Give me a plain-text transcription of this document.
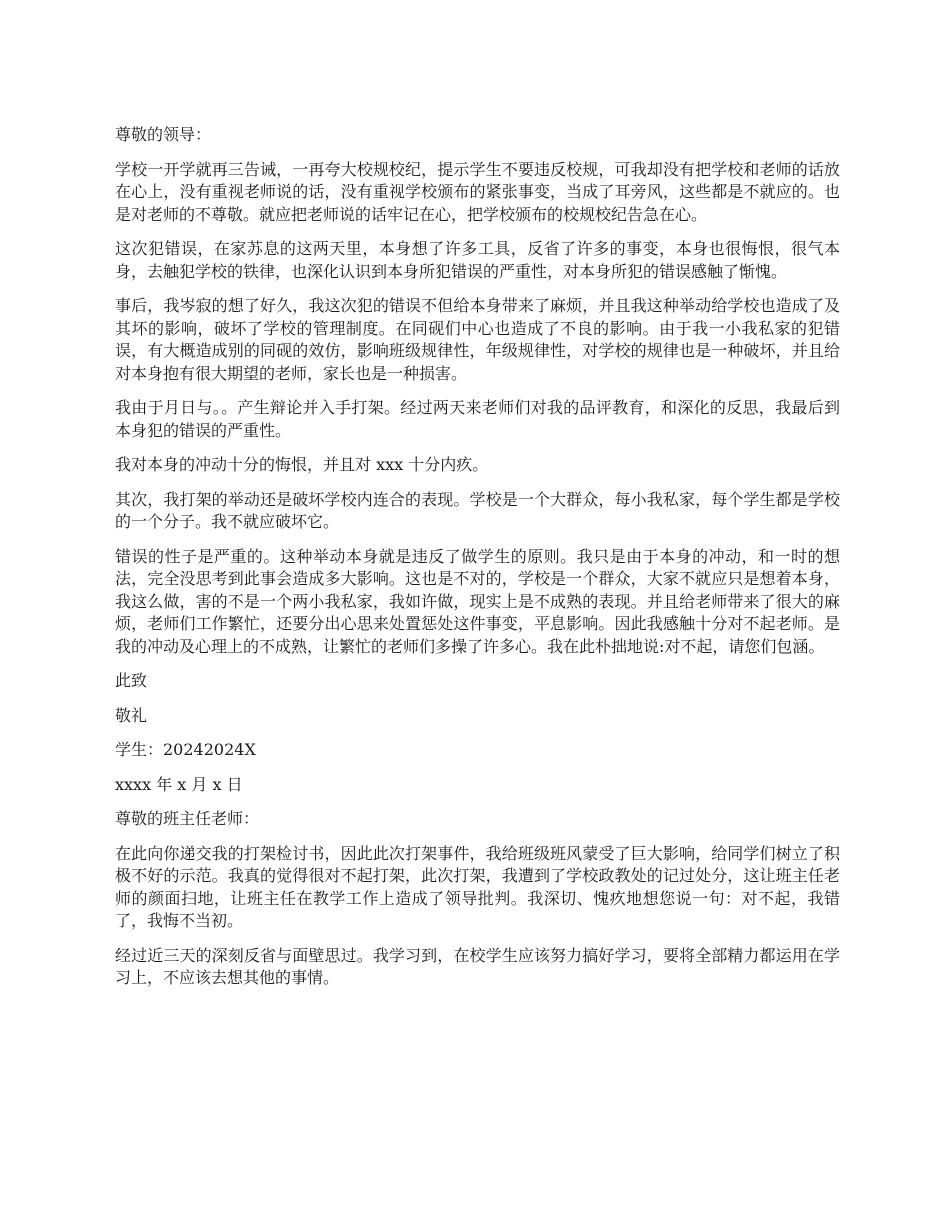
尊敬的领导：

学校一开学就再三告诫，一再夸大校规校纪，提示学生不要违反校规，可我却没有把学校和老师的话放在心上，没有重视老师说的话，没有重视学校颁布的紧张事变，当成了耳旁风，这些都是不就应的。也是对老师的不尊敬。就应把老师说的话牢记在心，把学校颁布的校规校纪告急在心。

这次犯错误，在家苏息的这两天里，本身想了许多工具，反省了许多的事变，本身也很悔恨，很气本身，去触犯学校的铁律，也深化认识到本身所犯错误的严重性，对本身所犯的错误感触了惭愧。

事后，我岑寂的想了好久，我这次犯的错误不但给本身带来了麻烦，并且我这种举动给学校也造成了及其坏的影响，破坏了学校的管理制度。在同砚们中心也造成了不良的影响。由于我一小我私家的犯错误，有大概造成别的同砚的效仿，影响班级规律性，年级规律性，对学校的规律也是一种破坏，并且给对本身抱有很大期望的老师，家长也是一种损害。

我由于月日与。。产生辩论并入手打架。经过两天来老师们对我的品评教育，和深化的反思，我最后到本身犯的错误的严重性。

我对本身的冲动十分的悔恨，并且对 xxx 十分内疚。

其次，我打架的举动还是破坏学校内连合的表现。学校是一个大群众，每小我私家，每个学生都是学校的一个分子。我不就应破坏它。

错误的性子是严重的。这种举动本身就是违反了做学生的原则。我只是由于本身的冲动，和一时的想法，完全没思考到此事会造成多大影响。这也是不对的，学校是一个群众，大家不就应只是想着本身，我这么做，害的不是一个两小我私家，我如许做，现实上是不成熟的表现。并且给老师带来了很大的麻烦，老师们工作繁忙，还要分出心思来处置惩处这件事变，平息影响。因此我感触十分对不起老师。是我的冲动及心理上的不成熟，让繁忙的老师们多操了许多心。我在此朴拙地说:对不起，请您们包涵。

此致

敬礼

学生：20242024X

xxxx 年 x 月 x 日

尊敬的班主任老师：

在此向你递交我的打架检讨书，因此此次打架事件，我给班级班风蒙受了巨大影响，给同学们树立了积极不好的示范。我真的觉得很对不起打架，此次打架，我遭到了学校政教处的记过处分，这让班主任老师的颜面扫地，让班主任在教学工作上造成了领导批判。我深切、愧疚地想您说一句：对不起，我错了，我悔不当初。

经过近三天的深刻反省与面壁思过。我学习到，在校学生应该努力搞好学习，要将全部精力都运用在学习上，不应该去想其他的事情。
